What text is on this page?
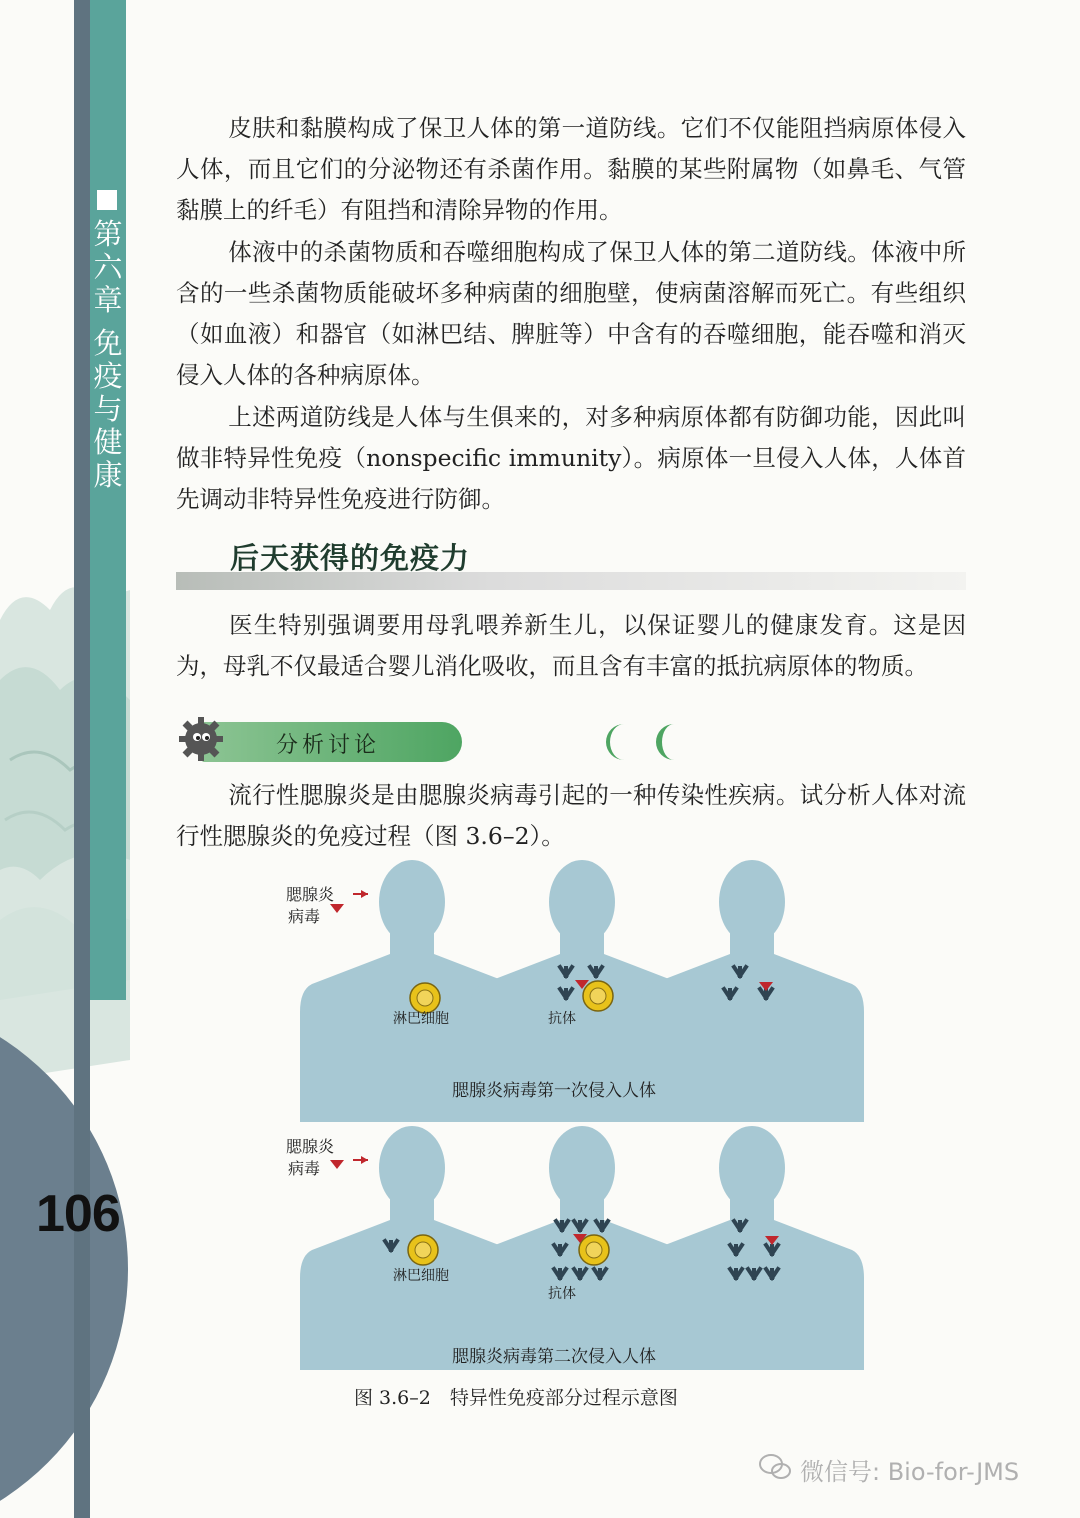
第
六
章
免
疫
与
健
康
106

皮肤和黏膜构成了保卫人体的第一道防线。它们不仅能阻挡病原体侵入人体，而且它们的分泌物还有杀菌作用。黏膜的某些附属物（如鼻毛、气管黏膜上的纤毛）有阻挡和清除异物的作用。

体液中的杀菌物质和吞噬细胞构成了保卫人体的第二道防线。体液中所含的一些杀菌物质能破坏多种病菌的细胞壁，使病菌溶解而死亡。有些组织（如血液）和器官（如淋巴结、脾脏等）中含有的吞噬细胞，能吞噬和消灭侵入人体的各种病原体。

上述两道防线是人体与生俱来的，对多种病原体都有防御功能，因此叫做非特异性免疫（nonspecific immunity）。病原体一旦侵入人体，人体首先调动非特异性免疫进行防御。

后天获得的免疫力

医生特别强调要用母乳喂养新生儿，以保证婴儿的健康发育。这是因为，母乳不仅最适合婴儿消化吸收，而且含有丰富的抵抗病原体的物质。

分析讨论

流行性腮腺炎是由腮腺炎病毒引起的一种传染性疾病。试分析人体对流行性腮腺炎的免疫过程（图 3.6–2）。

腮腺炎
病毒
淋巴细胞	抗体
腮腺炎病毒第一次侵入人体
腮腺炎
病毒
淋巴细胞
抗体
腮腺炎病毒第二次侵入人体
图 3.6–2　特异性免疫部分过程示意图
微信号: Bio-for-JMS
